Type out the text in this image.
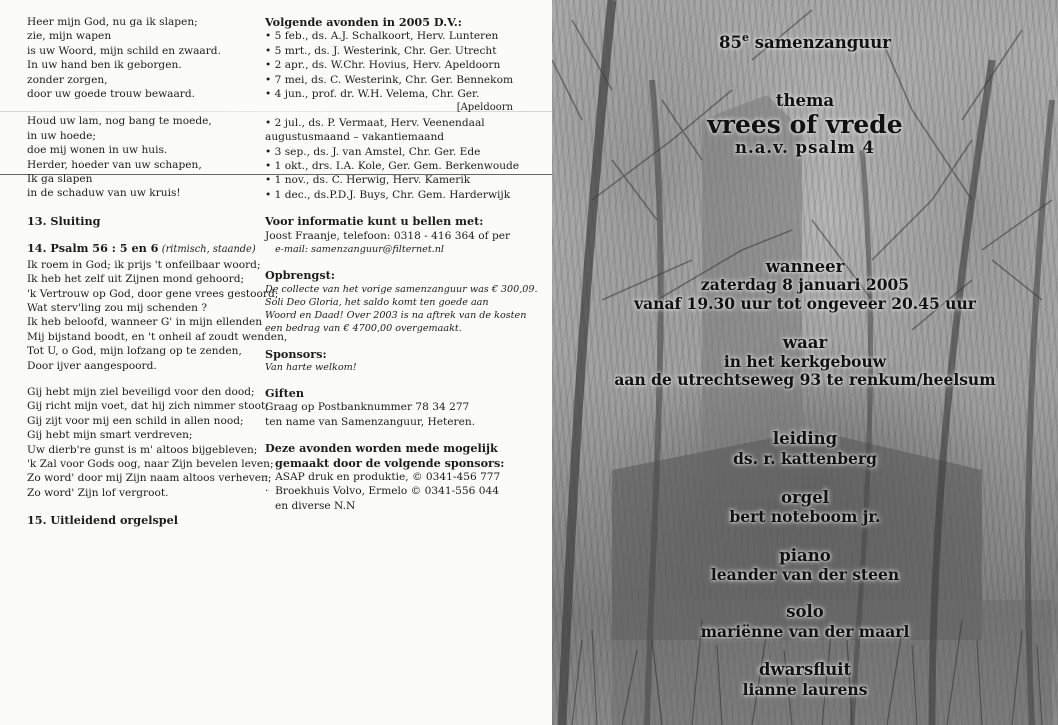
Heer mijn God, nu ga ik slapen;
zie, mijn wapen
is uw Woord, mijn schild en zwaard.
In uw hand ben ik geborgen.
zonder zorgen,
door uw goede trouw bewaard.
Houd uw lam, nog bang te moede,
in uw hoede;
doe mij wonen in uw huis.
Herder, hoeder van uw schapen,
Ik ga slapen
in de schaduw van uw kruis!
13. Sluiting
14. Psalm 56 : 5 en 6 (ritmisch, staande)
Ik roem in God; ik prijs 't onfeilbaar woord;
Ik heb het zelf uit Zijnen mond gehoord;
'k Vertrouw op God, door gene vrees gestoord;
Wat sterv'ling zou mij schenden ?
Ik heb beloofd, wanneer G' in mijn ellenden
Mij bijstand boodt, en 't onheil af zoudt wenden,
Tot U, o God, mijn lofzang op te zenden,
Door ijver aangespoord.
Gij hebt mijn ziel beveiligd voor den dood;
Gij richt mijn voet, dat hij zich nimmer stoot;
Gij zijt voor mij een schild in allen nood;
Gij hebt mijn smart verdreven;
Uw dierb're gunst is m' altoos bijgebleven;
'k Zal voor Gods oog, naar Zijn bevelen leven;
Zo word' door mij Zijn naam altoos verheven;
Zo word' Zijn lof vergroot.
15. Uitleidend orgelspel
Volgende avonden in 2005 D.V.:
• 5 feb., ds. A.J. Schalkoort, Herv. Lunteren
• 5 mrt., ds. J. Westerink, Chr. Ger. Utrecht
• 2 apr., ds. W.Chr. Hovius, Herv. Apeldoorn
• 7 mei, ds. C. Westerink, Chr. Ger. Bennekom
• 4 jun., prof. dr. W.H. Velema, Chr. Ger.
[Apeldoorn
• 2 jul., ds. P. Vermaat, Herv. Veenendaal
augustusmaand – vakantiemaand
• 3 sep., ds. J. van Amstel, Chr. Ger. Ede
• 1 okt., drs. I.A. Kole, Ger. Gem. Berkenwoude
• 1 nov., ds. C. Herwig, Herv. Kamerik
• 1 dec., ds.P.D.J. Buys, Chr. Gem. Harderwijk
Voor informatie kunt u bellen met:
Joost Fraanje, telefoon: 0318 - 416 364 of per
e-mail: samenzanguur@filternet.nl
Opbrengst:
De collecte van het vorige samenzanguur was € 300,09.
Soli Deo Gloria, het saldo komt ten goede aan
Woord en Daad! Over 2003 is na aftrek van de kosten
een bedrag van € 4700,00 overgemaakt.
Sponsors:
Van harte welkom!
Giften
Graag op Postbanknummer 78 34 277
ten name van Samenzanguur, Heteren.
Deze avonden worden mede mogelijk
gemaakt door de volgende sponsors:
·  ASAP druk en produktie, © 0341-456 777
·  Broekhuis Volvo, Ermelo © 0341-556 044
en diverse N.N
85e samenzanguur
thema
vrees of vrede
n.a.v. psalm 4
wanneer
zaterdag 8 januari 2005
vanaf 19.30 uur tot ongeveer 20.45 uur
waar
in het kerkgebouw
aan de utrechtseweg 93 te renkum/heelsum
leiding
ds. r. kattenberg
orgel
bert noteboom jr.
piano
leander van der steen
solo
mariënne van der maarl
dwarsfluit
lianne laurens
